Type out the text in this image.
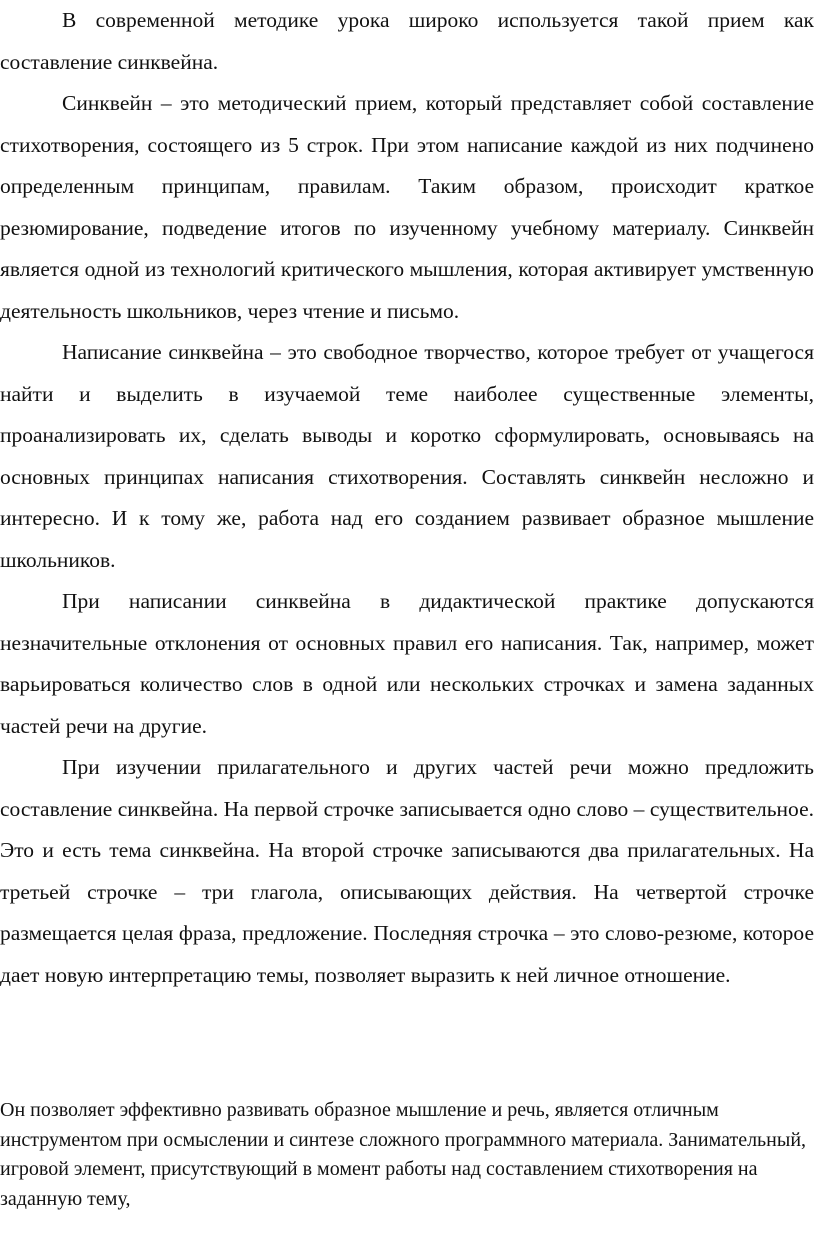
В современной методике урока широко используется такой прием как составление синквейна.

Синквейн – это методический прием, который представляет собой составление стихотворения, состоящего из 5 строк. При этом написание каждой из них подчинено определенным принципам, правилам. Таким образом, происходит краткое резюмирование, подведение итогов по изученному учебному материалу. Синквейн является одной из технологий критического мышления, которая активирует умственную деятельность школьников, через чтение и письмо.

Написание синквейна – это свободное творчество, которое требует от учащегося найти и выделить в изучаемой теме наиболее существенные элементы, проанализировать их, сделать выводы и коротко сформулировать, основываясь на основных принципах написания стихотворения. Составлять синквейн несложно и интересно. И к тому же, работа над его созданием развивает образное мышление школьников.

При написании синквейна в дидактической практике допускаются незначительные отклонения от основных правил его написания. Так, например, может варьироваться количество слов в одной или нескольких строчках и замена заданных частей речи на другие.

При изучении прилагательного и других частей речи можно предложить составление синквейна. На первой строчке записывается одно слово – существительное. Это и есть тема синквейна. На второй строчке записываются два прилагательных. На третьей строчке – три глагола, описывающих действия. На четвертой строчке размещается целая фраза, предложение. Последняя строчка – это слово-резюме, которое дает новую интерпретацию темы, позволяет выразить к ней личное отношение.

Он позволяет эффективно развивать образное мышление и речь, является отличным инструментом при осмыслении и синтезе сложного программного материала. Занимательный, игровой элемент, присутствующий в момент работы над составлением стихотворения на заданную тему,
